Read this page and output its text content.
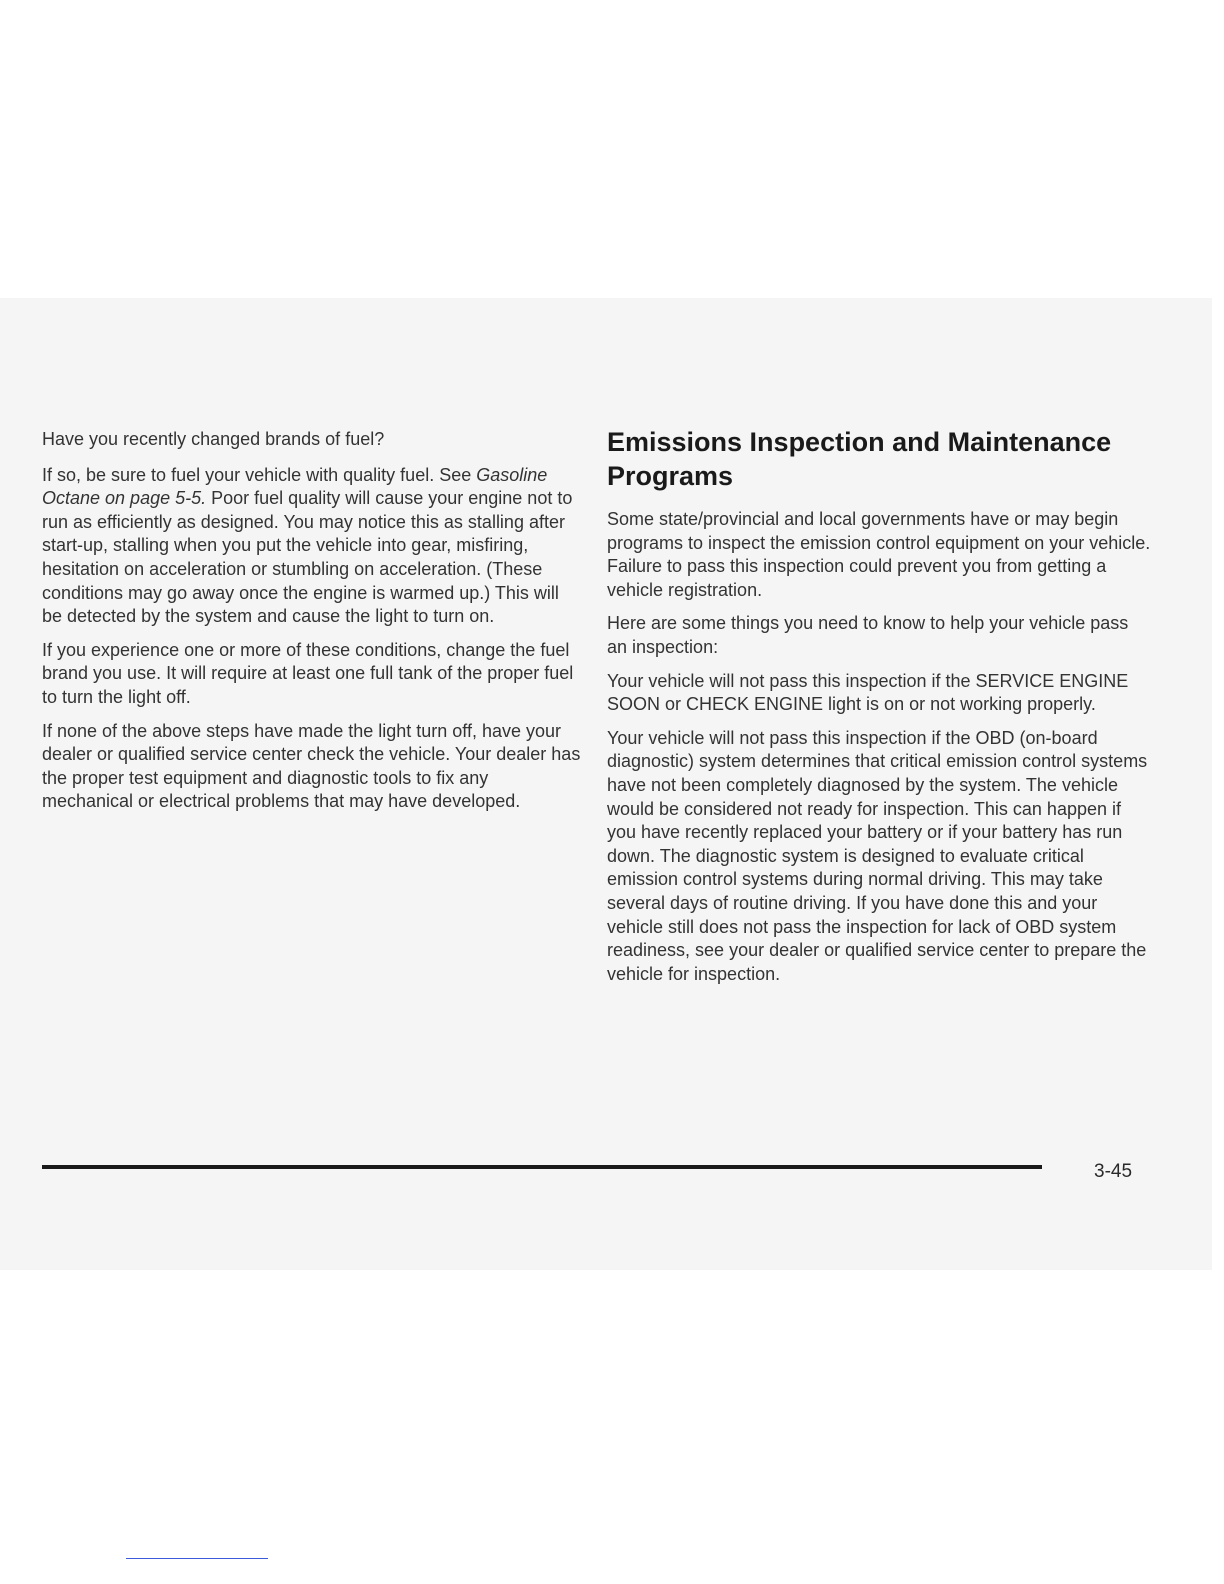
Have you recently changed brands of fuel?

If so, be sure to fuel your vehicle with quality fuel. See Gasoline Octane on page 5-5. Poor fuel quality will cause your engine not to run as efficiently as designed. You may notice this as stalling after start-up, stalling when you put the vehicle into gear, misfiring, hesitation on acceleration or stumbling on acceleration. (These conditions may go away once the engine is warmed up.) This will be detected by the system and cause the light to turn on.

If you experience one or more of these conditions, change the fuel brand you use. It will require at least one full tank of the proper fuel to turn the light off.

If none of the above steps have made the light turn off, have your dealer or qualified service center check the vehicle. Your dealer has the proper test equipment and diagnostic tools to fix any mechanical or electrical problems that may have developed.

Emissions Inspection and Maintenance Programs

Some state/provincial and local governments have or may begin programs to inspect the emission control equipment on your vehicle. Failure to pass this inspection could prevent you from getting a vehicle registration.

Here are some things you need to know to help your vehicle pass an inspection:

Your vehicle will not pass this inspection if the SERVICE ENGINE SOON or CHECK ENGINE light is on or not working properly.

Your vehicle will not pass this inspection if the OBD (on-board diagnostic) system determines that critical emission control systems have not been completely diagnosed by the system. The vehicle would be considered not ready for inspection. This can happen if you have recently replaced your battery or if your battery has run down. The diagnostic system is designed to evaluate critical emission control systems during normal driving. This may take several days of routine driving. If you have done this and your vehicle still does not pass the inspection for lack of OBD system readiness, see your dealer or qualified service center to prepare the vehicle for inspection.

3-45
